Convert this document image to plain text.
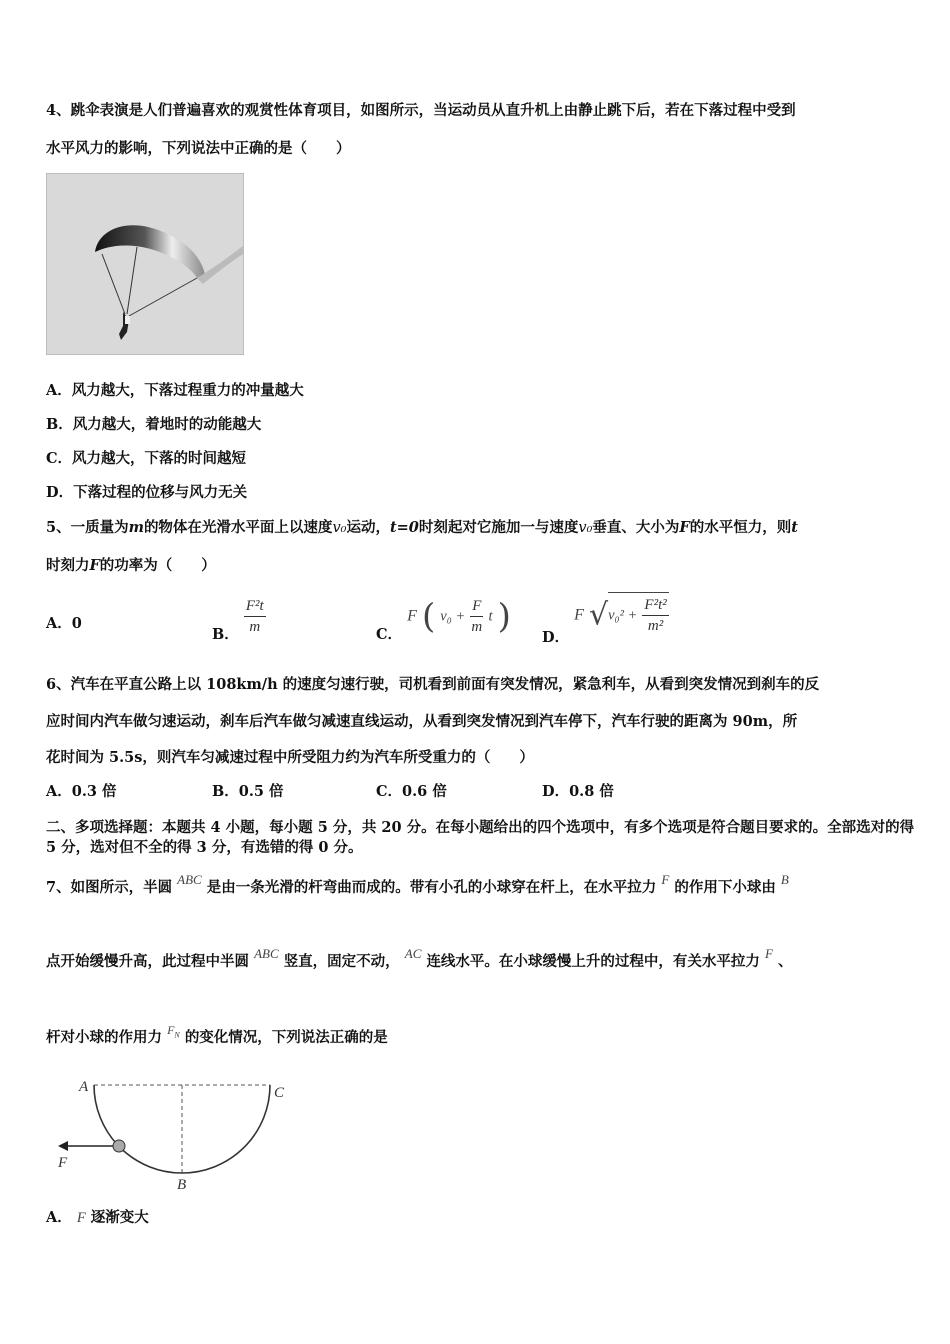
4、跳伞表演是人们普遍喜欢的观赏性体育项目，如图所示，当运动员从直升机上由静止跳下后，若在下落过程中受到
水平风力的影响，下列说法中正确的是（　　）
A．风力越大，下落过程重力的冲量越大
B．风力越大，着地时的动能越大
C．风力越大，下落的时间越短
D．下落过程的位移与风力无关
5、一质量为m的物体在光滑水平面上以速度v₀运动，t=0时刻起对它施加一与速度v₀垂直、大小为F的水平恒力，则t
时刻力F的功率为（　　）
A．0
B． $\frac{\text{F²t}}{m}$	C． F ( $v_0 + \frac{F}{m}$ t )
D． F $√v_0^2 + \frac{\text{F²t²}}{\text{m²}}$
6、汽车在平直公路上以 108km/h 的速度匀速行驶，司机看到前面有突发情况，紧急利车，从看到突发情况到刹车的反
应时间内汽车做匀速运动，刹车后汽车做匀减速直线运动，从看到突发情况到汽车停下，汽车行驶的距离为 90m，所
花时间为 5.5s，则汽车匀减速过程中所受阻力约为汽车所受重力的（　　）
A．0.3 倍	B．0.5 倍	C．0.6 倍	D．0.8 倍
二、多项选择题：本题共 4 小题，每小题 5 分，共 20 分。在每小题给出的四个选项中，有多个选项是符合题目要求的。全部选对的得 5 分，选对但不全的得 3 分，有选错的得 0 分。
7、如图所示，半圆 ABC 是由一条光滑的杆弯曲而成的。带有小孔的小球穿在杆上，在水平拉力 F 的作用下小球由 B
点开始缓慢升高，此过程中半圆 ABC 竖直，固定不动， AC 连线水平。在小球缓慢上升的过程中，有关水平拉力 F 、
杆对小球的作用力 $^{F_N}$ 的变化情况，下列说法正确的是
A	C
B
F
A． F 逐渐变大
